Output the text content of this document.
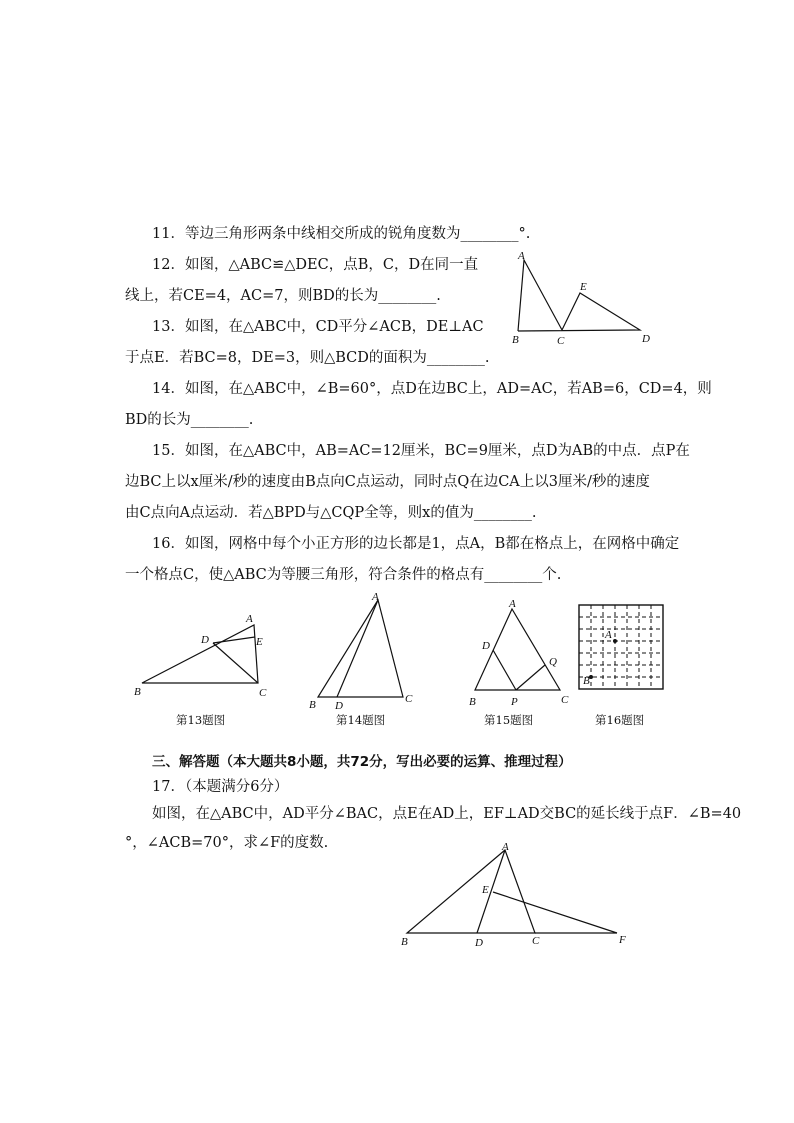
11．等边三角形两条中线相交所成的锐角度数为________°.
12．如图，△ABC≌△DEC，点B，C，D在同一直
线上，若CE=4，AC=7，则BD的长为________.
13．如图，在△ABC中，CD平分∠ACB，DE⊥AC
于点E．若BC=8，DE=3，则△BCD的面积为________.
14．如图，在△ABC中，∠B=60°，点D在边BC上，AD=AC，若AB=6，CD=4，则
BD的长为________.
15．如图，在△ABC中，AB=AC=12厘米，BC=9厘米，点D为AB的中点．点P在
边BC上以x厘米/秒的速度由B点向C点运动，同时点Q在边CA上以3厘米/秒的速度
由C点向A点运动．若△BPD与△CQP全等，则x的值为________.
16．如图，网格中每个小正方形的边长都是1，点A，B都在格点上，在网格中确定
一个格点C，使△ABC为等腰三角形，符合条件的格点有________个.
三、解答题（本大题共8小题，共72分，写出必要的运算、推理过程）
17．（本题满分6分）
如图，在△ABC中，AD平分∠BAC，点E在AD上，EF⊥AD交BC的延长线于点F．∠B=40
°，∠ACB=70°，求∠F的度数.
A
E
B	C	D
A
D	E
B	C
第13题图
A
B D
C
第14题图
A
D
Q
B	P	C
第15题图
A
B
第16题图
A
E
B	D	C	F
